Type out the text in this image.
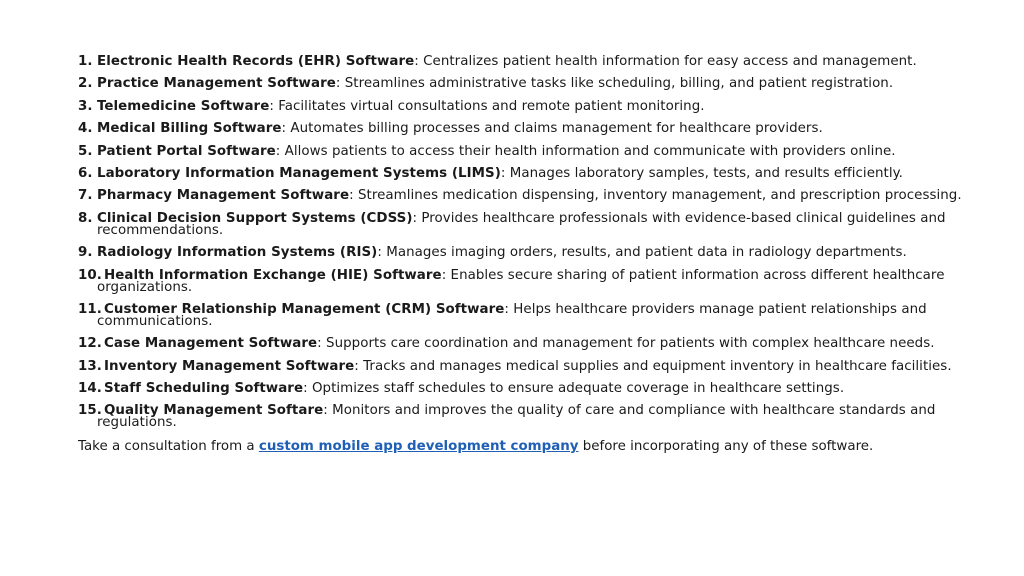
1. Electronic Health Records (EHR) Software: Centralizes patient health information for easy access and management.
2. Practice Management Software: Streamlines administrative tasks like scheduling, billing, and patient registration.
3. Telemedicine Software: Facilitates virtual consultations and remote patient monitoring.
4. Medical Billing Software: Automates billing processes and claims management for healthcare providers.
5. Patient Portal Software: Allows patients to access their health information and communicate with providers online.
6. Laboratory Information Management Systems (LIMS): Manages laboratory samples, tests, and results efficiently.
7. Pharmacy Management Software: Streamlines medication dispensing, inventory management, and prescription processing.
8. Clinical Decision Support Systems (CDSS): Provides healthcare professionals with evidence-based clinical guidelines and recommendations.
9. Radiology Information Systems (RIS): Manages imaging orders, results, and patient data in radiology departments.
10. Health Information Exchange (HIE) Software: Enables secure sharing of patient information across different healthcare organizations.
11. Customer Relationship Management (CRM) Software: Helps healthcare providers manage patient relationships and communications.
12. Case Management Software: Supports care coordination and management for patients with complex healthcare needs.
13. Inventory Management Software: Tracks and manages medical supplies and equipment inventory in healthcare facilities.
14. Staff Scheduling Software: Optimizes staff schedules to ensure adequate coverage in healthcare settings.
15. Quality Management Softare: Monitors and improves the quality of care and compliance with healthcare standards and regulations.
Take a consultation from a custom mobile app development company before incorporating any of these software.
